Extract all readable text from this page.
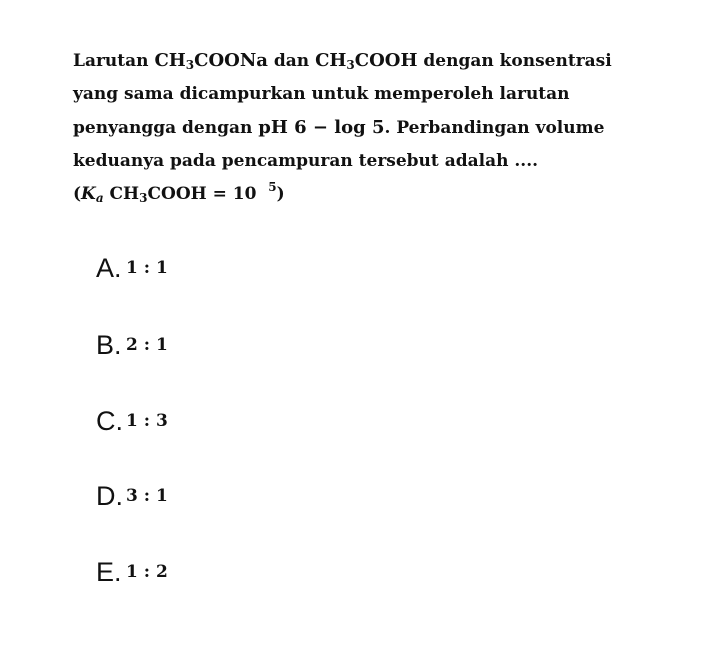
Larutan $CH_3COONa$ dan $CH_3COOH$ dengan konsentrasi
yang sama dicampurkan untuk memperoleh larutan
penyangga dengan pH 6 − log 5. Perbandingan volume
keduanya pada pencampuran tersebut adalah ....
($K_a$ $CH_3COOH = 10$ $^5$)
A. 1 : 1
B. 2 : 1
C. 1 : 3
D. 3 : 1
E. 1 : 2
